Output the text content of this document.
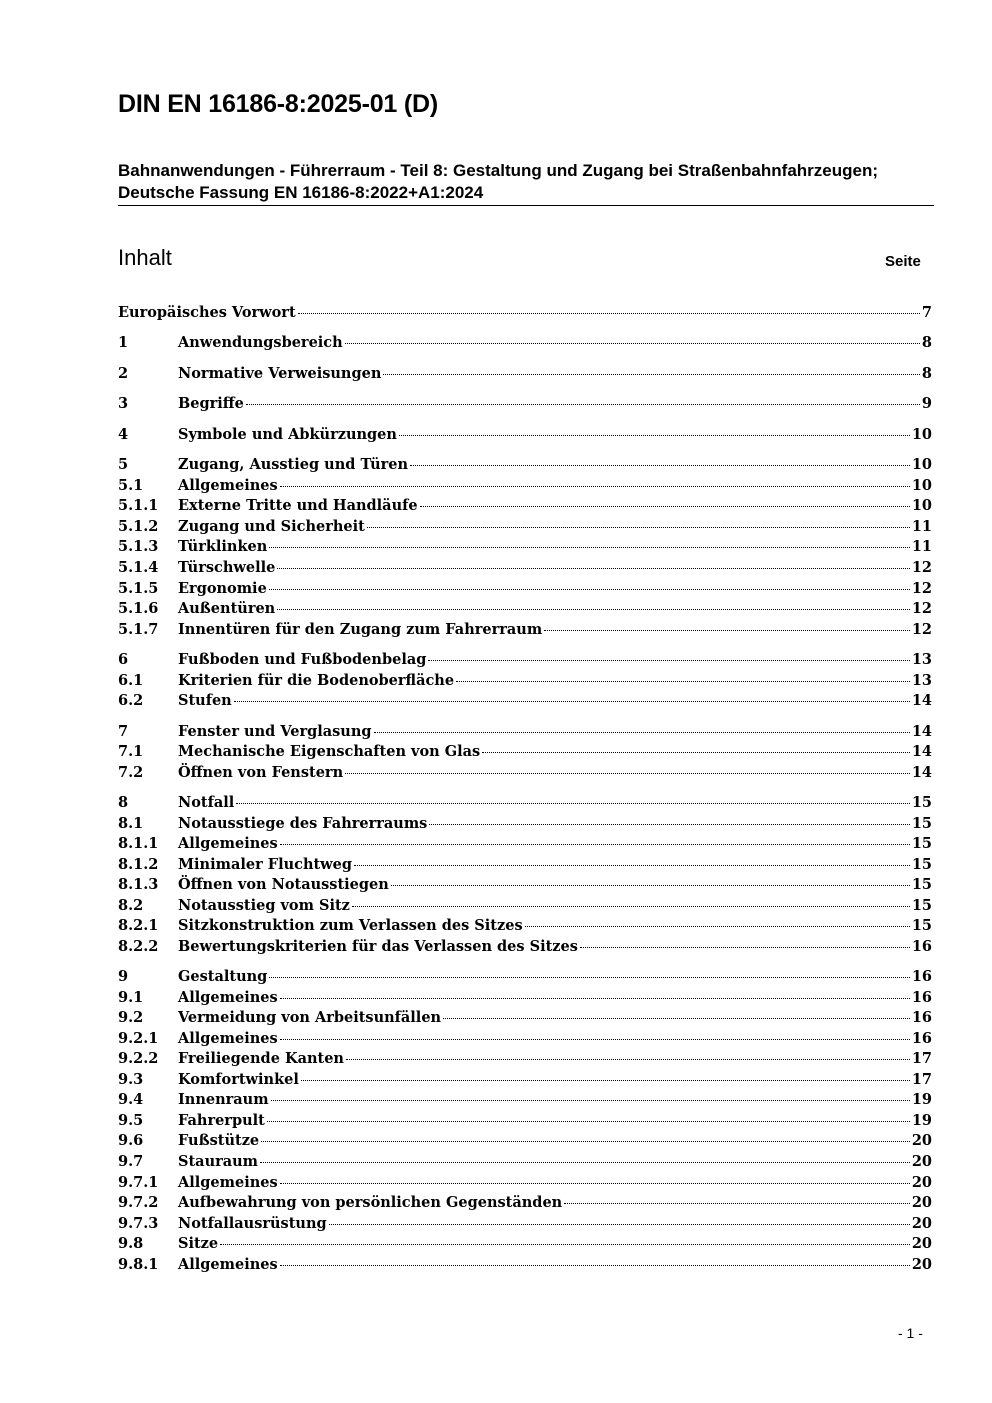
DIN EN 16186-8:2025-01 (D)
Bahnanwendungen - Führerraum - Teil 8: Gestaltung und Zugang bei Straßenbahnfahrzeugen; Deutsche Fassung EN 16186-8:2022+A1:2024
Inhalt	Seite
Europäisches Vorwort	7
1	Anwendungsbereich	8
2	Normative Verweisungen	8
3	Begriffe	9
4	Symbole und Abkürzungen	10
5	Zugang, Ausstieg und Türen	10
5.1	Allgemeines	10
5.1.1	Externe Tritte und Handläufe	10
5.1.2	Zugang und Sicherheit	11
5.1.3	Türklinken	11
5.1.4	Türschwelle	12
5.1.5	Ergonomie	12
5.1.6	Außentüren	12
5.1.7	Innentüren für den Zugang zum Fahrerraum	12
6	Fußboden und Fußbodenbelag	13
6.1	Kriterien für die Bodenoberfläche	13
6.2	Stufen	14
7	Fenster und Verglasung	14
7.1	Mechanische Eigenschaften von Glas	14
7.2	Öffnen von Fenstern	14
8	Notfall	15
8.1	Notausstiege des Fahrerraums	15
8.1.1	Allgemeines	15
8.1.2	Minimaler Fluchtweg	15
8.1.3	Öffnen von Notausstiegen	15
8.2	Notausstieg vom Sitz	15
8.2.1	Sitzkonstruktion zum Verlassen des Sitzes	15
8.2.2	Bewertungskriterien für das Verlassen des Sitzes	16
9	Gestaltung	16
9.1	Allgemeines	16
9.2	Vermeidung von Arbeitsunfällen	16
9.2.1	Allgemeines	16
9.2.2	Freiliegende Kanten	17
9.3	Komfortwinkel	17
9.4	Innenraum	19
9.5	Fahrerpult	19
9.6	Fußstütze	20
9.7	Stauraum	20
9.7.1	Allgemeines	20
9.7.2	Aufbewahrung von persönlichen Gegenständen	20
9.7.3	Notfallausrüstung	20
9.8	Sitze	20
9.8.1	Allgemeines	20
- 1 -
